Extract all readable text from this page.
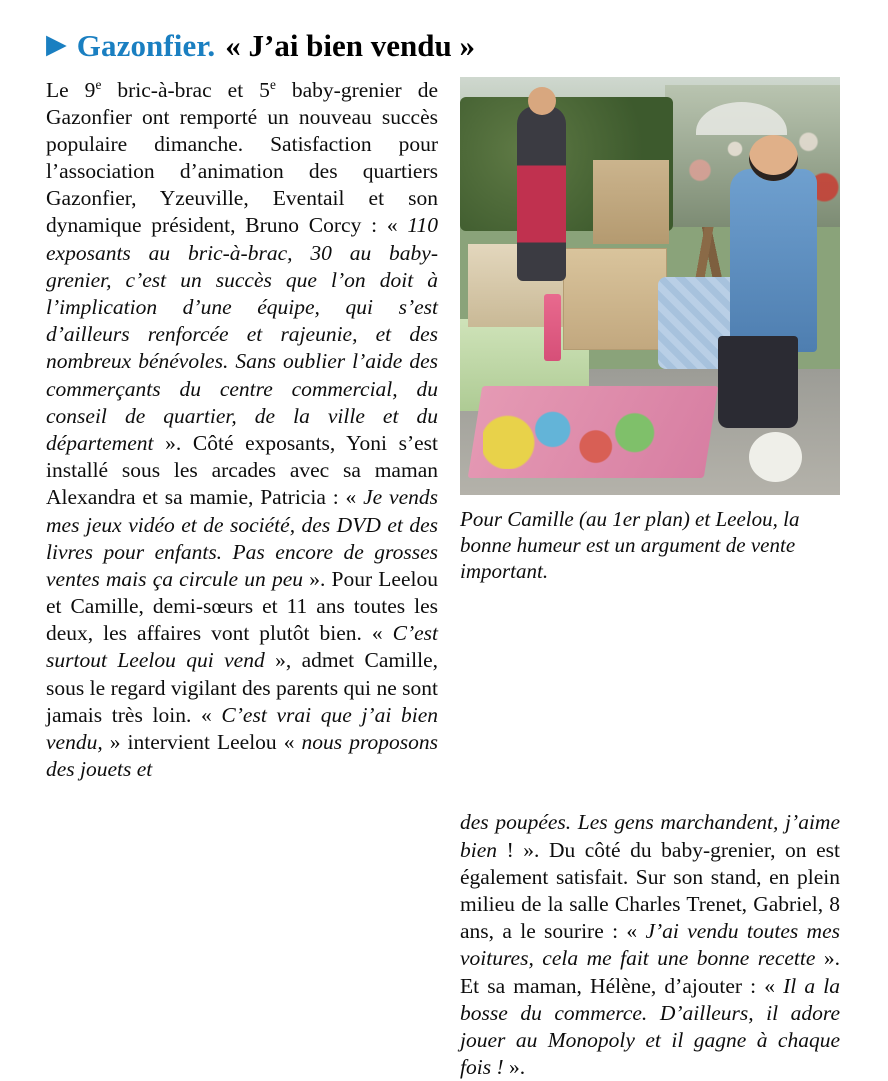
▶ Gazonfier. « J’ai bien vendu »
Le 9e bric-à-brac et 5e baby-grenier de Gazonfier ont remporté un nouveau succès populaire dimanche. Satisfaction pour l’association d’animation des quartiers Gazonfier, Yzeuville, Eventail et son dynamique président, Bruno Corcy : « 110 exposants au bric-à-brac, 30 au baby-grenier, c’est un succès que l’on doit à l’implication d’une équipe, qui s’est d’ailleurs renforcée et rajeunie, et des nombreux bénévoles. Sans oublier l’aide des commerçants du centre commercial, du conseil de quartier, de la ville et du département ». Côté exposants, Yoni s’est installé sous les arcades avec sa maman Alexandra et sa mamie, Patricia : « Je vends mes jeux vidéo et de société, des DVD et des livres pour enfants. Pas encore de grosses ventes mais ça circule un peu ». Pour Leelou et Camille, demi-sœurs et 11 ans toutes les deux, les affaires vont plutôt bien. « C’est surtout Leelou qui vend », admet Camille, sous le regard vigilant des parents qui ne sont jamais très loin. « C’est vrai que j’ai bien vendu, » intervient Leelou « nous proposons des jouets et
Pour Camille (au 1er plan) et Leelou, la bonne humeur est un argument de vente important.
des poupées. Les gens marchandent, j’aime bien ! ». Du côté du baby-grenier, on est également satisfait. Sur son stand, en plein milieu de la salle Charles Trenet, Gabriel, 8 ans, a le sourire : « J’ai vendu toutes mes voitures, cela me fait une bonne recette ». Et sa maman, Hélène, d’ajouter : « Il a la bosse du commerce. D’ailleurs, il adore jouer au Monopoly et il gagne à chaque fois ! ».
